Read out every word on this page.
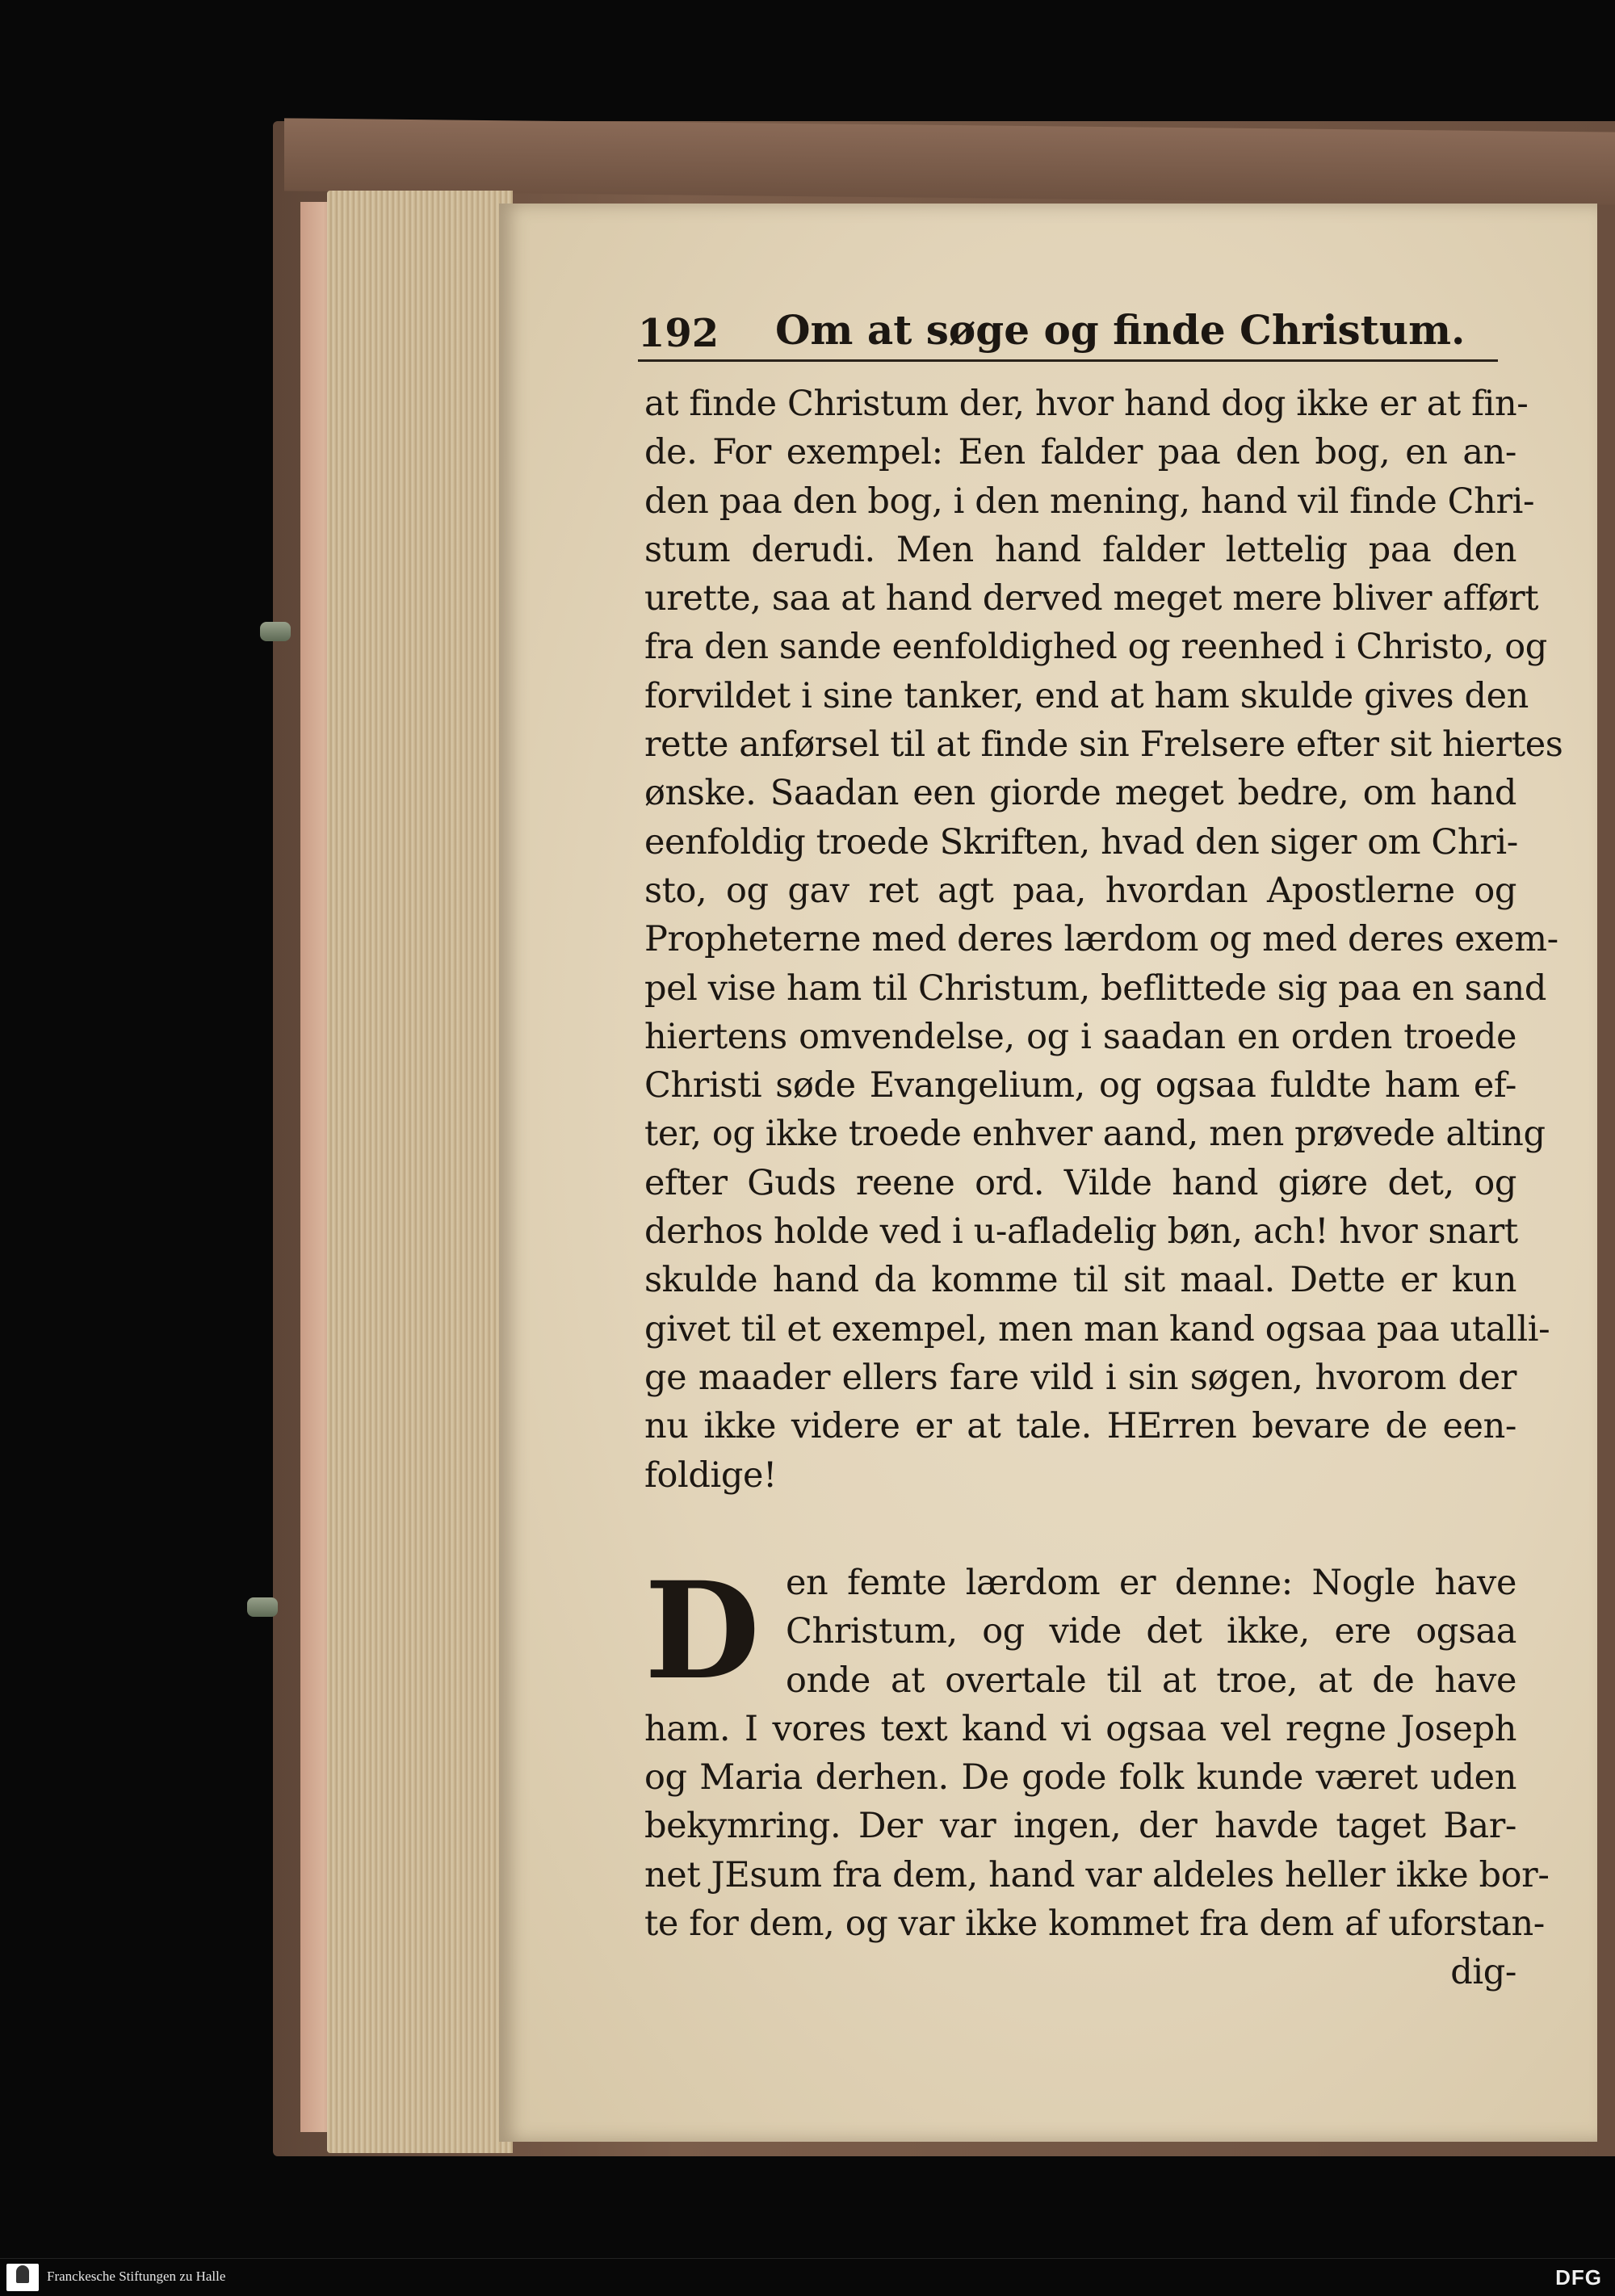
192 Om at søge og finde Christum.
at finde Christum der, hvor hand dog ikke er at fin-
de. For exempel: Een falder paa den bog, en an-
den paa den bog, i den mening, hand vil finde Chri-
stum derudi. Men hand falder lettelig paa den
urette, saa at hand derved meget mere bliver afført
fra den sande eenfoldighed og reenhed i Christo, og
forvildet i sine tanker, end at ham skulde gives den
rette anførsel til at finde sin Frelsere efter sit hiertes
ønske. Saadan een giorde meget bedre, om hand
eenfoldig troede Skriften, hvad den siger om Chri-
sto, og gav ret agt paa, hvordan Apostlerne og
Propheterne med deres lærdom og med deres exem-
pel vise ham til Christum, beflittede sig paa en sand
hiertens omvendelse, og i saadan en orden troede
Christi søde Evangelium, og ogsaa fuldte ham ef-
ter, og ikke troede enhver aand, men prøvede alting
efter Guds reene ord. Vilde hand giøre det, og
derhos holde ved i u-afladelig bøn, ach! hvor snart
skulde hand da komme til sit maal. Dette er kun
givet til et exempel, men man kand ogsaa paa utalli-
ge maader ellers fare vild i sin søgen, hvorom der
nu ikke videre er at tale. HErren bevare de een-
foldige!
D en femte lærdom er denne: Nogle have
Christum, og vide det ikke, ere ogsaa
onde at overtale til at troe, at de have
ham. I vores text kand vi ogsaa vel regne Joseph
og Maria derhen. De gode folk kunde været uden
bekymring. Der var ingen, der havde taget Bar-
net JEsum fra dem, hand var aldeles heller ikke bor-
te for dem, og var ikke kommet fra dem af uforstan-
dig-
Franckesche Stiftungen zu Halle	DFG
